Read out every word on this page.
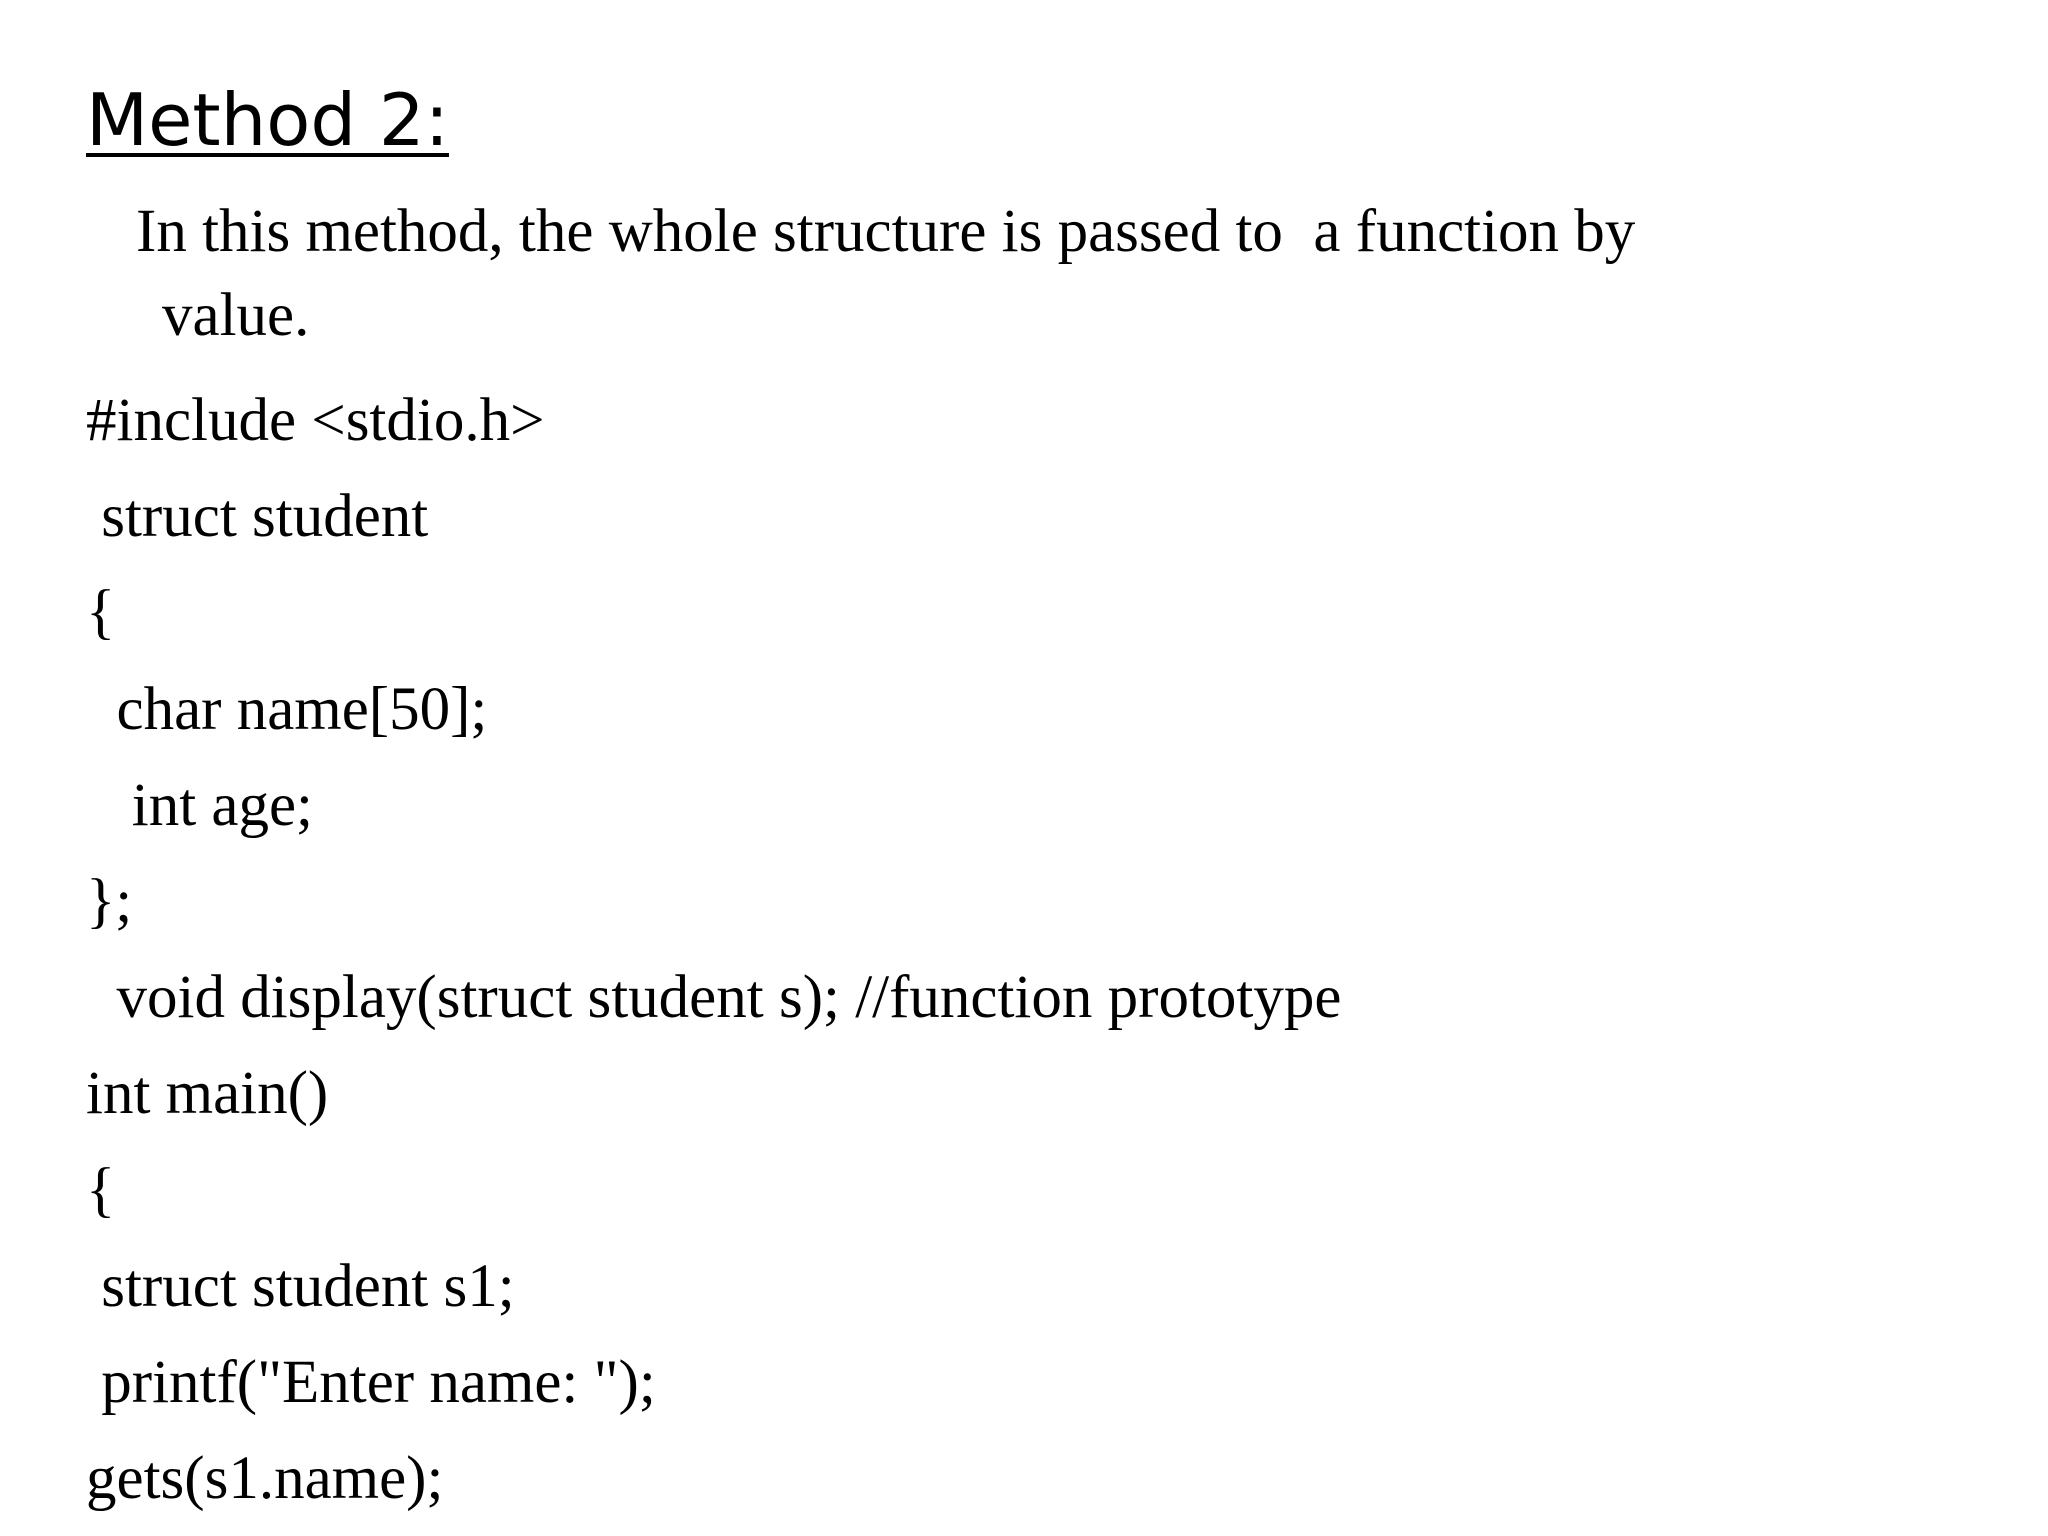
Method 2:
In this method, the whole structure is passed to  a function by
value.
#include <stdio.h>
struct student
{
char name[50];
int age;
};
void display(struct student s); //function prototype
int main()
{
struct student s1;
printf("Enter name: ");
gets(s1.name);
